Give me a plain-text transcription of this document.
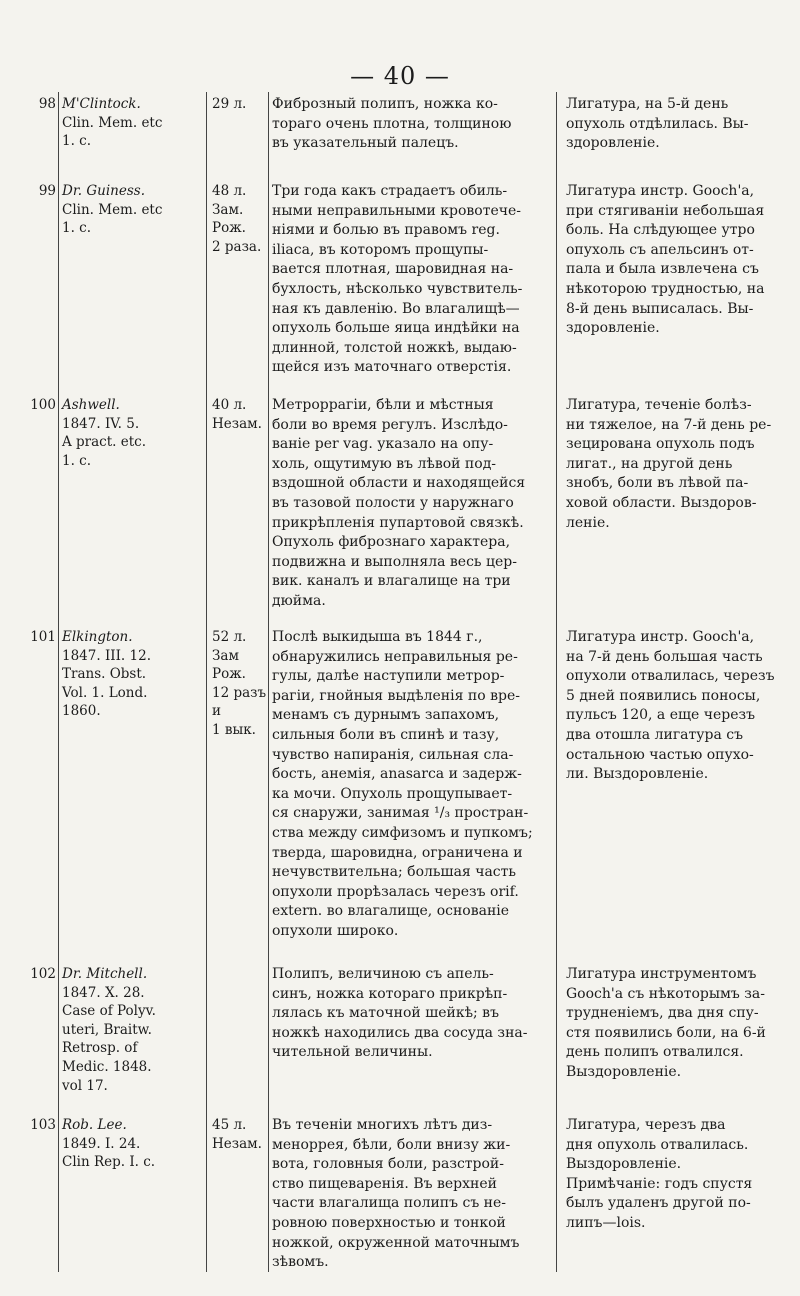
— 40 —
98 M'Clintock.
Clin. Mem. etc
1. c.
29 л.	Фиброзный полипъ, ножка ко-
тораго очень плотна, толщиною
въ указательный палецъ.
Лигатура, на 5-й день
опухоль отдѣлилась. Вы-
здоровленіе.
99 Dr. Guiness.
Clin. Mem. etc
1. c.
48 л.
Зам.
Рож.
2 раза.
Три года какъ страдаетъ обиль-
ными неправильными кровотече-
ніями и болью въ правомъ reg.
iliaca, въ которомъ прощупы-
вается плотная, шаровидная на-
бухлость, нѣсколько чувствитель-
ная къ давленію. Во влагалищѣ—
опухоль больше яица индѣйки на
длинной, толстой ножкѣ, выдаю-
щейся изъ маточнаго отверстія.
Лигатура инстр. Gooch'а,
при стягиваніи небольшая
боль. На слѣдующее утро
опухоль съ апельсинъ от-
пала и была извлечена съ
нѣкоторою трудностью, на
8-й день выписалась. Вы-
здоровленіе.
100 Ashwell.
1847. IV. 5.
A pract. etc.
1. c.
40 л.
Незам.
Метроррагіи, бѣли и мѣстныя
боли во время регулъ. Изслѣдо-
ваніе per vag. указало на опу-
холь, ощутимую въ лѣвой под-
вздошной области и находящейся
въ тазовой полости у наружнаго
прикрѣпленія пупартовой связкѣ.
Опухоль фибрознаго характера,
подвижна и выполняла весь цер-
вик. каналъ и влагалище на три
дюйма.
Лигатура, теченіе болѣз-
ни тяжелое, на 7-й день ре-
зецирована опухоль подъ
лигат., на другой день
знобъ, боли въ лѣвой па-
ховой области. Выздоров-
леніе.
101 Elkington.
1847. III. 12.
Trans. Obst.
Vol. 1. Lond.
1860.
52 л.
Зам
Рож.
12 разъ
и
1 вык.
Послѣ выкидыша въ 1844 г.,
обнаружились неправильныя ре-
гулы, далѣе наступили метрор-
рагіи, гнойныя выдѣленія по вре-
менамъ съ дурнымъ запахомъ,
сильныя боли въ спинѣ и тазу,
чувство напиранія, сильная сла-
бость, анемія, anasarca и задерж-
ка мочи. Опухоль прощупывает-
ся снаружи, занимая ¹/₃ простран-
ства между симфизомъ и пупкомъ;
тверда, шаровидна, ограничена и
нечувствительна; большая часть
опухоли прорѣзалась черезъ orif.
extern. во влагалище, основаніе
опухоли широко.
Лигатура инстр. Gooch'а,
на 7-й день большая часть
опухоли отвалилась, черезъ
5 дней появились поносы,
пульсъ 120, а еще черезъ
два отошла лигатура съ
остальною частью опухо-
ли. Выздоровленіе.
102 Dr. Mitchell.
1847. X. 28.
Case of Polyv.
uteri, Braitw.
Retrosp. of
Medic. 1848.
vol 17.
Полипъ, величиною съ апель-
синъ, ножка котораго прикрѣп-
лялась къ маточной шейкѣ; въ
ножкѣ находились два сосуда зна-
чительной величины.
Лигатура инструментомъ
Gooch'а съ нѣкоторымъ за-
трудненіемъ, два дня спу-
стя появились боли, на 6-й
день полипъ отвалился.
Выздоровленіе.
103 Rob. Lee.
1849. I. 24.
Clin Rep. I. c.
45 л.
Незам.
Въ теченіи многихъ лѣтъ диз-
меноррея, бѣли, боли внизу жи-
вота, головныя боли, разстрой-
ство пищеваренія. Въ верхней
части влагалища полипъ съ не-
ровною поверхностью и тонкой
ножкой, окруженной маточнымъ
зѣвомъ.
Лигатура, черезъ два
дня опухоль отвалилась.
Выздоровленіе.
Примѣчаніе: годъ спустя
былъ удаленъ другой по-
липъ—loіs.
